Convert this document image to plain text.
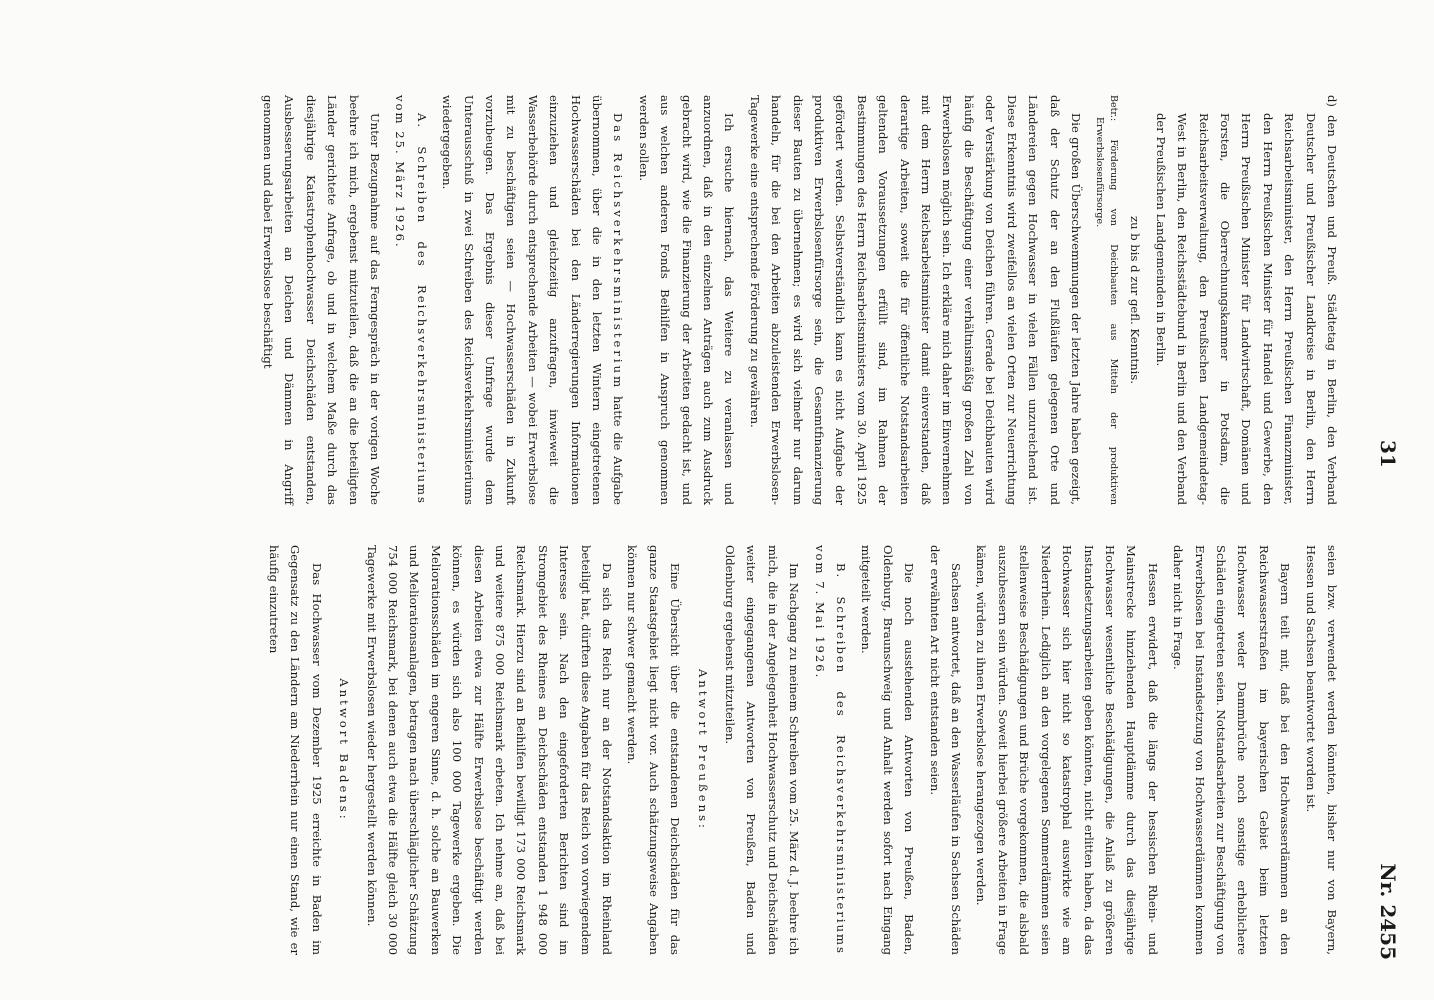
31
Nr. 2455

d) den Deutschen und Preuß. Städtetag in Berlin, den Verband Deutscher und Preußischer Landkreise in Berlin, den Herrn Reichsarbeitsminister, den Herrn Preußischen Finanzminister, den Herrn Preußischen Minister für Handel und Gewerbe, den Herrn Preußischen Minister für Landwirtschaft, Domänen und Forsten, die Oberrechnungskammer in Potsdam, die Reichsarbeitsverwaltung, den Preußischen Landgemeindetag-West in Berlin, den Reichsstädtebund in Berlin und den Verband der Preußischen Landgemeinden in Berlin.

zu b bis d zur gefl. Kenntnis.

Betr.: Förderung von Deichbauten aus Mitteln der produktiven Erwerbslosenfürsorge.

Die großen Überschwemmungen der letzten Jahre haben gezeigt, daß der Schutz der an den Flußläufen gelegenen Orte und Ländereien gegen Hochwasser in vielen Fällen unzureichend ist. Diese Erkenntnis wird zweifellos an vielen Orten zur Neuerrichtung oder Verstärkung von Deichen führen. Gerade bei Deichbauten wird häufig die Beschäftigung einer verhältnismäßig großen Zahl von Erwerbslosen möglich sein. Ich erkläre mich daher im Einvernehmen mit dem Herrn Reichsarbeitsminister damit einverstanden, daß derartige Arbeiten, soweit die für öffentliche Notstandsarbeiten geltenden Voraussetzungen erfüllt sind, im Rahmen der Bestimmungen des Herrn Reichsarbeitsministers vom 30. April 1925 gefördert werden. Selbstverständlich kann es nicht Aufgabe der produktiven Erwerbslosenfürsorge sein, die Gesamtfinanzierung dieser Bauten zu übernehmen; es wird sich vielmehr nur darum handeln, für die bei den Arbeiten abzuleistenden Erwerbslosen-Tagewerke eine entsprechende Förderung zu gewähren.

Ich ersuche hiernach, das Weitere zu veranlassen und anzuordnen, daß in den einzelnen Anträgen auch zum Ausdruck gebracht wird, wie die Finanzierung der Arbeiten gedacht ist, und aus welchen anderen Fonds Beihilfen in Anspruch genommen werden sollen.

Das Reichsverkehrsministerium hatte die Aufgabe übernommen, über die in den letzten Wintern eingetretenen Hochwasserschäden bei den Länderregierungen Informationen einzuziehen und gleichzeitig anzufragen, inwieweit die Wasserbehörde durch entsprechende Arbeiten — wobei Erwerbslose mit zu beschäftigen seien — Hochwasserschäden in Zukunft vorzubeugen. Das Ergebnis dieser Umfrage wurde dem Unterausschuß in zwei Schreiben des Reichsverkehrsministeriums wiedergegeben.

A. Schreiben des Reichsverkehrsministeriums vom 25. März 1926.

Unter Bezugnahme auf das Ferngespräch in der vorigen Woche beehre ich mich, ergebenst mitzuteilen, daß die an die beteiligten Länder gerichtete Anfrage, ob und in welchem Maße durch das diesjährige Katastrophenhochwasser Deichschäden entstanden, Ausbesserungsarbeiten an Deichen und Dämmen in Angriff genommen und dabei Erwerbslose beschäftigt

seien bzw. verwendet werden könnten, bisher nur von Bayern, Hessen und Sachsen beantwortet worden ist.

Bayern teilt mit, daß bei den Hochwasserdämmen an den Reichswasserstraßen im bayerischen Gebiet beim letzten Hochwasser weder Dammbrüche noch sonstige erheblichere Schäden eingetreten seien. Notstandsarbeiten zur Beschäftigung von Erwerbslosen bei Instandsetzung von Hochwasserdämmen kommen daher nicht in Frage.

Hessen erwidert, daß die längs der hessischen Rhein- und Mainstrecke hinziehenden Hauptdämme durch das diesjährige Hochwasser wesentliche Beschädigungen, die Anlaß zu größeren Instandsetzungsarbeiten geben könnten, nicht erlitten haben, da das Hochwasser sich hier nicht so katastrophal auswirkte wie am Niederrhein. Lediglich an den vorgelegenen Sommerdämmen seien stellenweise Beschädigungen und Brüche vorgekommen, die alsbald auszubessern sein würden. Soweit hierbei größere Arbeiten in Frage kämen, würden zu ihnen Erwerbslose herangezogen werden.

Sachsen antwortet, daß an den Wasserläufen in Sachsen Schäden der erwähnten Art nicht entstanden seien.

Die noch ausstehenden Antworten von Preußen, Baden, Oldenburg, Braunschweig und Anhalt werden sofort nach Eingang mitgeteilt werden.

B. Schreiben des Reichsverkehrsministeriums vom 7. Mai 1926.

Im Nachgang zu meinem Schreiben vom 25. März d. J. beehre ich mich, die in der Angelegenheit Hochwasserschutz und Deichschäden weiter eingegangenen Antworten von Preußen, Baden und Oldenburg ergebenst mitzuteilen.

Antwort Preußens:

Eine Übersicht über die entstandenen Deichschäden für das ganze Staatsgebiet liegt nicht vor. Auch schätzungsweise Angaben können nur schwer gemacht werden.

Da sich das Reich nur an der Notstandsaktion im Rheinland beteiligt hat, dürften diese Angaben für das Reich von vorwiegendem Interesse sein. Nach den eingeforderten Berichten sind im Stromgebiet des Rheines an Deichschäden entstanden 1 948 000 Reichsmark. Hierzu sind an Beihilfen bewilligt 173 000 Reichsmark und weitere 875 000 Reichsmark erbeten. Ich nehme an, daß bei diesen Arbeiten etwa zur Hälfte Erwerbslose beschäftigt werden können, es würden sich also 100 000 Tagewerke ergeben. Die Meliorationsschäden im engeren Sinne, d. h. solche an Bauwerken und Meliorationsanlagen, betragen nach überschläglicher Schätzung 754 000 Reichsmark, bei denen auch etwa die Hälfte gleich 30 000 Tagewerke mit Erwerbslosen wieder hergestellt werden können.

Antwort Badens:

Das Hochwasser vom Dezember 1925 erreichte in Baden im Gegensatz zu den Ländern am Niederrhein nur einen Stand, wie er häufig einzutreten
